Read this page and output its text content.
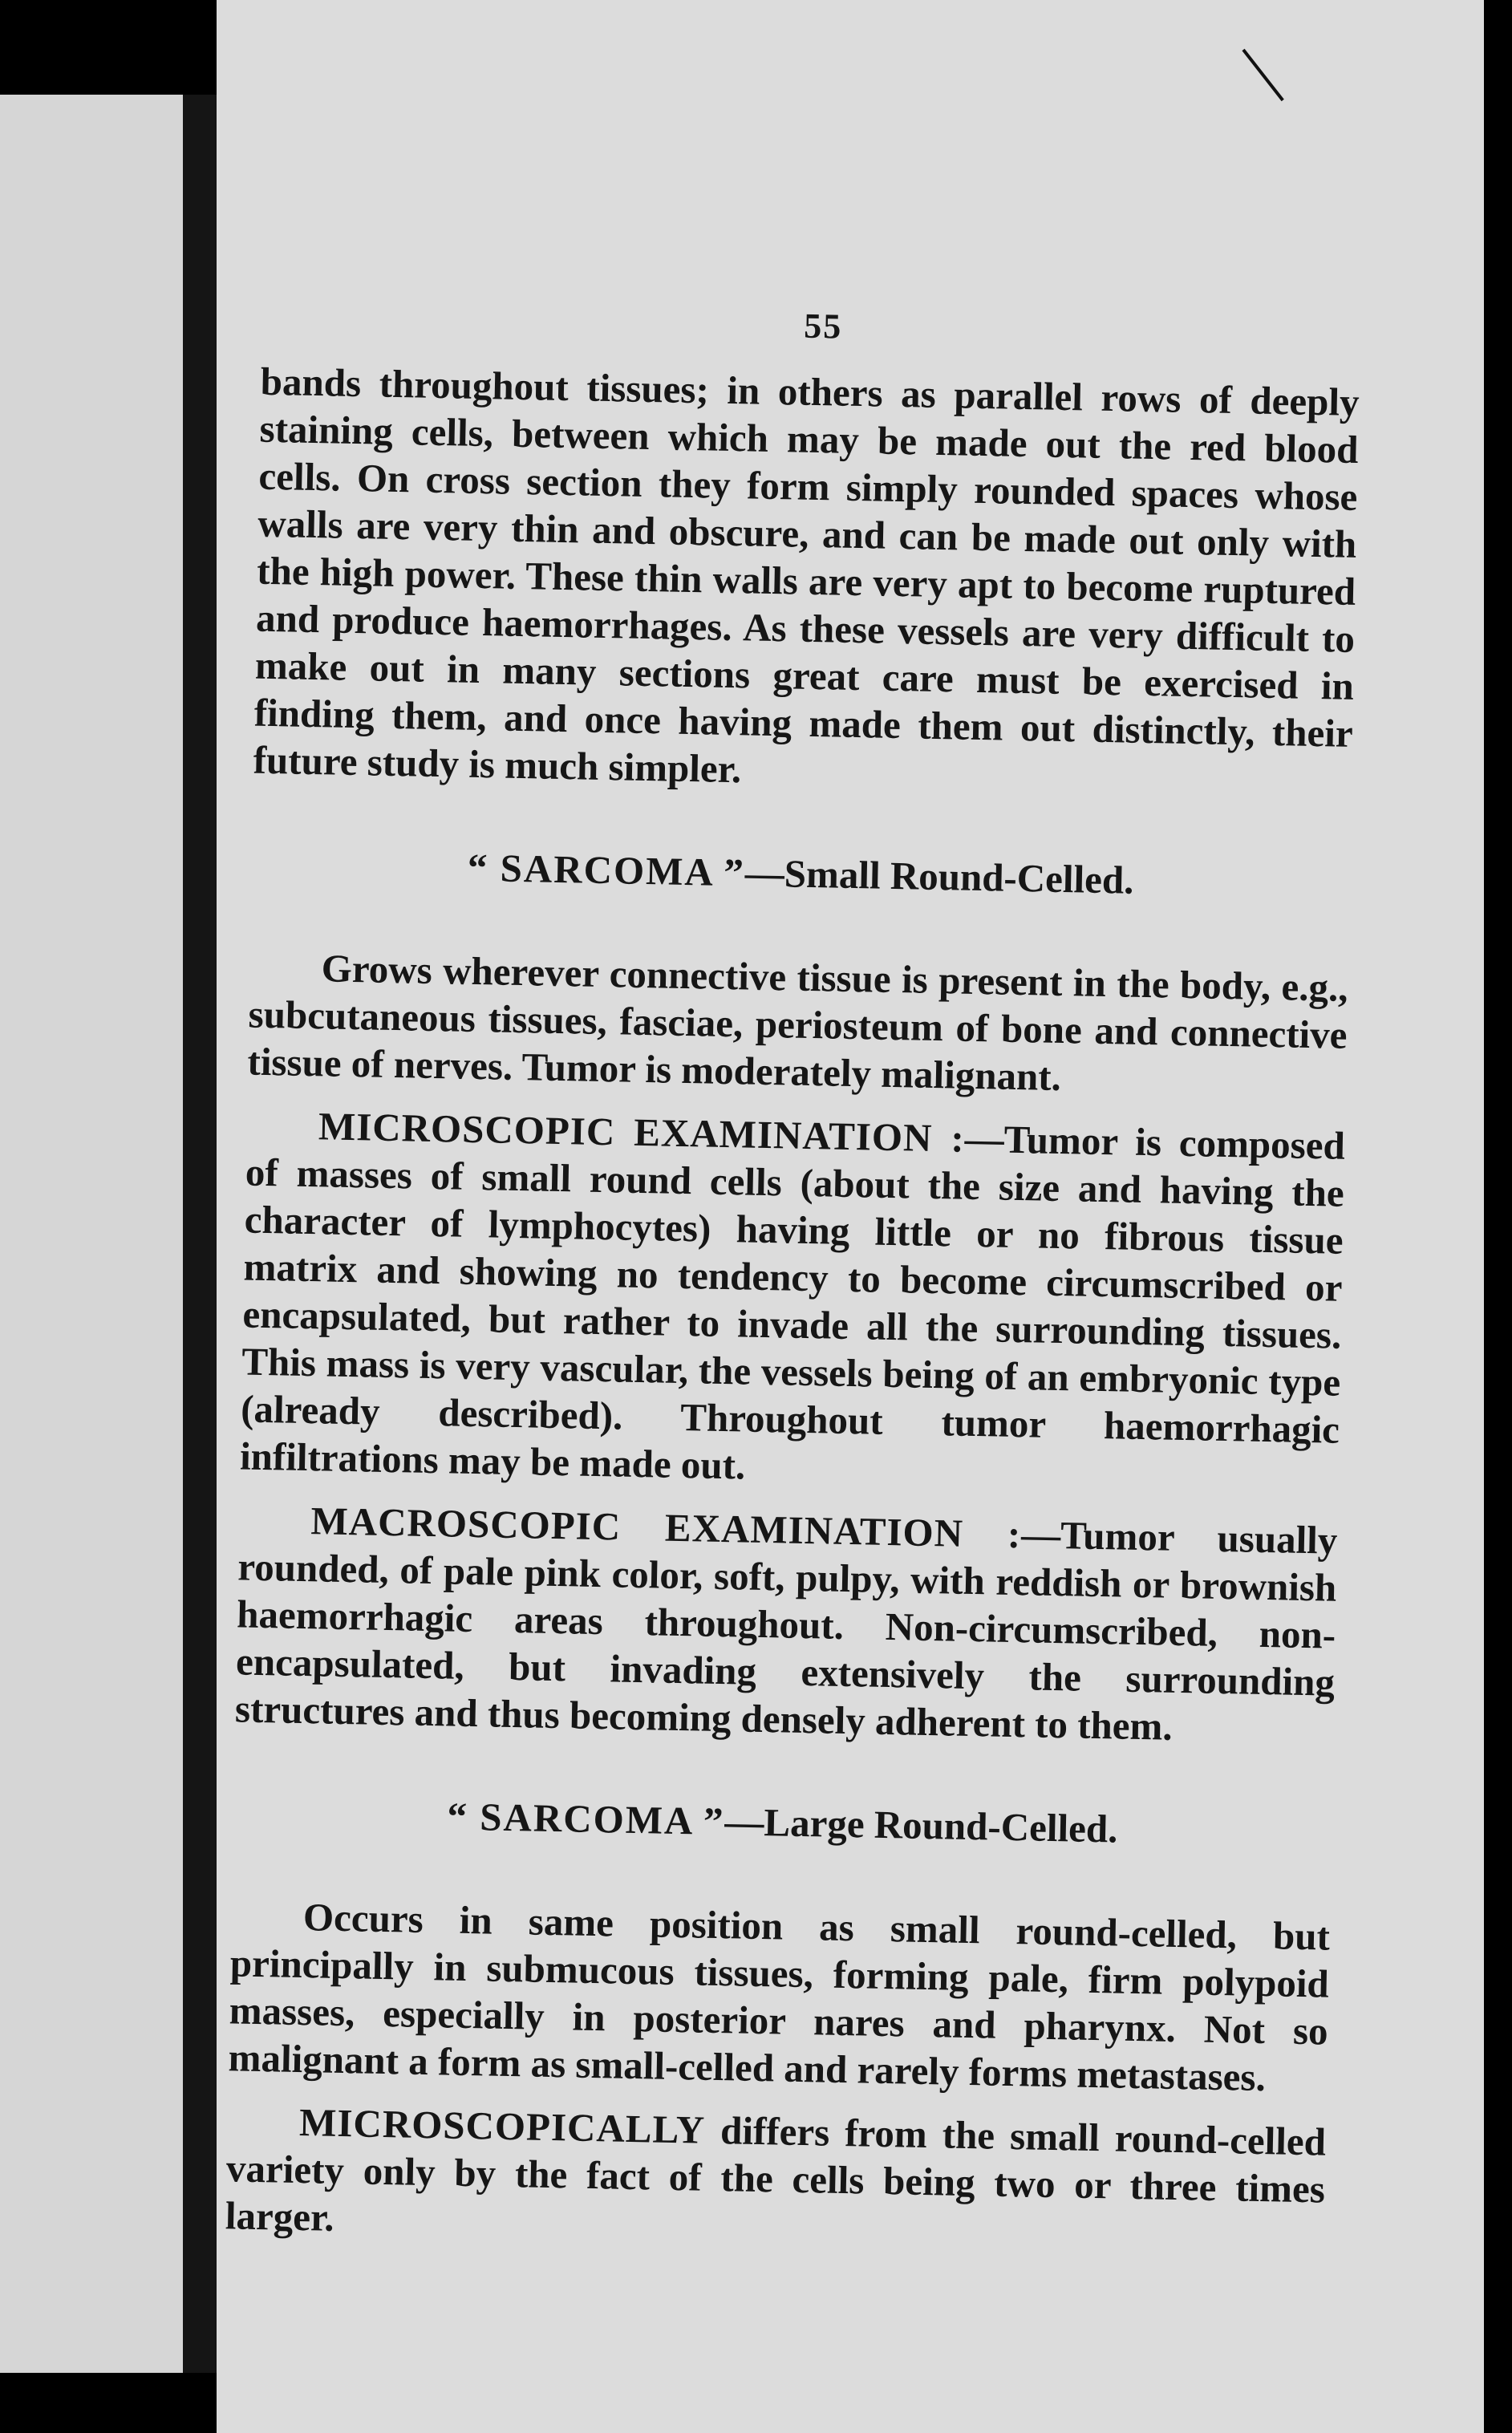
55

bands throughout tissues; in others as parallel rows of deeply staining cells, between which may be made out the red blood cells. On cross section they form simply rounded spaces whose walls are very thin and obscure, and can be made out only with the high power. These thin walls are very apt to become ruptured and produce haemorrhages. As these vessels are very difficult to make out in many sections great care must be exercised in finding them, and once having made them out distinctly, their future study is much simpler.

“ SARCOMA ”—Small Round-Celled.

Grows wherever connective tissue is present in the body, e.g., subcutaneous tissues, fasciae, periosteum of bone and connective tissue of nerves. Tumor is moderately malignant.

MICROSCOPIC EXAMINATION :—Tumor is composed of masses of small round cells (about the size and having the character of lymphocytes) having little or no fibrous tissue matrix and showing no tendency to become circumscribed or encapsulated, but rather to invade all the surrounding tissues. This mass is very vascular, the vessels being of an embryonic type (already described). Throughout tumor haemorrhagic infiltrations may be made out.

MACROSCOPIC EXAMINATION :—Tumor usually rounded, of pale pink color, soft, pulpy, with reddish or brownish haemorrhagic areas throughout. Non-circumscribed, non-encapsulated, but invading extensively the surrounding structures and thus becoming densely adherent to them.

“ SARCOMA ”—Large Round-Celled.

Occurs in same position as small round-celled, but principally in submucous tissues, forming pale, firm polypoid masses, especially in posterior nares and pharynx. Not so malignant a form as small-celled and rarely forms metastases.

MICROSCOPICALLY differs from the small round-celled variety only by the fact of the cells being two or three times larger.
